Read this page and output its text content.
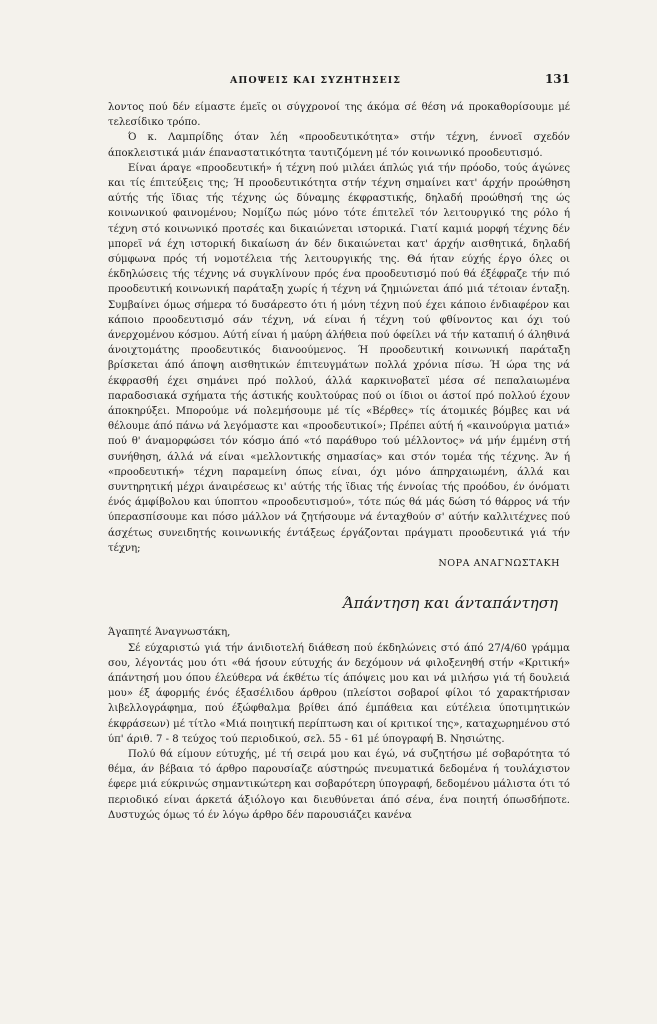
ΑΠΟΨΕΙΣ ΚΑΙ ΣΥΖΗΤΗΣΕΙΣ	131

λοντος πού δέν είμαστε έμεϊς οι σύγχρονοί της άκόμα σέ θέση νά προκαθορίσουμε μέ τελεσίδικο τρόπο.

Ό κ. Λαμπρίδης όταν λέη «προοδευτικότητα» στήν τέχνη, έννοεϊ σχεδόν άποκλειστικά μιάν έπαναστατικότητα ταυτιζόμενη μέ τόν κοινωνικό προοδευτισμό.

Είναι άραγε «προοδευτική» ή τέχνη πού μιλάει άπλώς γιά τήν πρόοδο, τούς άγώνες και τίς έπιτεύξεις της; Ή προοδευτικότητα στήν τέχνη σημαίνει κατ' άρχήν προώθηση αύτής τής ϊδιας τής τέχνης ώς δύναμης έκφραστικής, δηλαδή προώθησή της ώς κοινωνικού φαινομένου; Νομίζω πώς μόνο τότε έπιτελεϊ τόν λειτουργικό της ρόλο ή τέχνη στό κοινωνικό προτσές και δικαιώνεται ιστορικά. Γιατί καμιά μορφή τέχνης δέν μπορεϊ νά έχη ιστορική δικαίωση άν δέν δικαιώνεται κατ' άρχήν αισθητικά, δηλαδή σύμφωνα πρός τή νομοτέλεια τής λειτουργικής της. Θά ήταν εύχής έργο όλες οι έκδηλώσεις τής τέχνης νά συγκλίνουν πρός ένα προοδευτισμό πού θά έξέφραζε τήν πιό προοδευτική κοινωνική παράταξη χωρίς ή τέχνη νά ζημιώνεται άπό μιά τέτοιαν ένταξη. Συμβαίνει όμως σήμερα τό δυσάρεστο ότι ή μόνη τέχνη πού έχει κάποιο ένδιαφέρον και κάποιο προοδευτισμό σάν τέχνη, νά είναι ή τέχνη τού φθίνοντος και όχι τού άνερχομένου κόσμου. Αύτή είναι ή μαύρη άλήθεια πού όφείλει νά τήν καταπιή ό άληθινά άνοιχτομάτης προοδευτικός διανοούμενος. Ή προοδευτική κοινωνική παράταξη βρίσκεται άπό άποψη αισθητικών έπιτευγμάτων πολλά χρόνια πίσω. Ή ώρα της νά έκφρασθή έχει σημάνει πρό πολλού, άλλά καρκινοβατεϊ μέσα σέ πεπαλαιωμένα παραδοσιακά σχήματα τής άστικής κουλτούρας πού οι ίδιοι οι άστοί πρό πολλού έχουν άποκηρύξει. Μπορούμε νά πολεμήσουμε μέ τίς «Βέρθες» τίς άτομικές βόμβες και νά θέλουμε άπό πάνω νά λεγόμαστε και «προοδευτικοί»; Πρέπει αύτή ή «καινούργια ματιά» πού θ' άναμορφώσει τόν κόσμο άπό «τό παράθυρο τού μέλλοντος» νά μήν έμμένη στή συνήθηση, άλλά νά είναι «μελλοντικής σημασίας» και στόν τομέα τής τέχνης. Άν ή «προοδευτική» τέχνη παραμείνη όπως είναι, όχι μόνο άπηρχαιωμένη, άλλά και συντηρητική μέχρι άναιρέσεως κι' αύτής τής ϊδιας τής έννοίας τής προόδου, έν όνόματι ένός άμφίβολου και ύποπτου «προοδευτισμού», τότε πώς θά μάς δώση τό θάρρος νά τήν ύπερασπίσουμε και πόσο μάλλον νά ζητήσουμε νά ένταχθούν σ' αύτήν καλλιτέχνες πού άσχέτως συνειδητής κοινωνικής έντάξεως έργάζονται πράγματι προοδευτικά γιά τήν τέχνη;

ΝΟΡΑ ΑΝΑΓΝΩΣΤΑΚΗ

Άπάντηση και άνταπάντηση

Άγαπητέ Άναγνωστάκη,

Σέ εύχαριστώ γιά τήν άνιδιοτελή διάθεση πού έκδηλώνεις στό άπό 27/4/60 γράμμα σου, λέγοντάς μου ότι «θά ήσουν εύτυχής άν δεχόμουν νά φιλοξενηθή στήν «Κριτική» άπάντησή μου όπου έλεύθερα νά έκθέτω τίς άπόψεις μου και νά μιλήσω γιά τή δουλειά μου» έξ άφορμής ένός έξασέλιδου άρθρου (πλείστοι σοβαροί φίλοι τό χαρακτήρισαν λιβελλογράφημα, πού έξώφθαλμα βρίθει άπό έμπάθεια και εύτέλεια ύποτιμητικών έκφράσεων) μέ τίτλο «Μιά ποιητική περίπτωση και οί κριτικοί της», καταχωρημένου στό ύπ' άριθ. 7 - 8 τεύχος τού περιοδικού, σελ. 55 - 61 μέ ύπογραφή Β. Νησιώτης.

Πολύ θά είμουν εύτυχής, μέ τή σειρά μου και έγώ, νά συζητήσω μέ σοβαρότητα τό θέμα, άν βέβαια τό άρθρο παρουσίαζε αύστηρώς πνευματικά δεδομένα ή τουλάχιστον έφερε μιά εύκρινώς σημαντικώτερη και σοβαρότερη ύπογραφή, δεδομένου μάλιστα ότι τό περιοδικό είναι άρκετά άξιόλογο και διευθύνεται άπό σένα, ένα ποιητή όπωσδήποτε. Δυστυχώς όμως τό έν λόγω άρθρο δέν παρουσιάζει κανένα
